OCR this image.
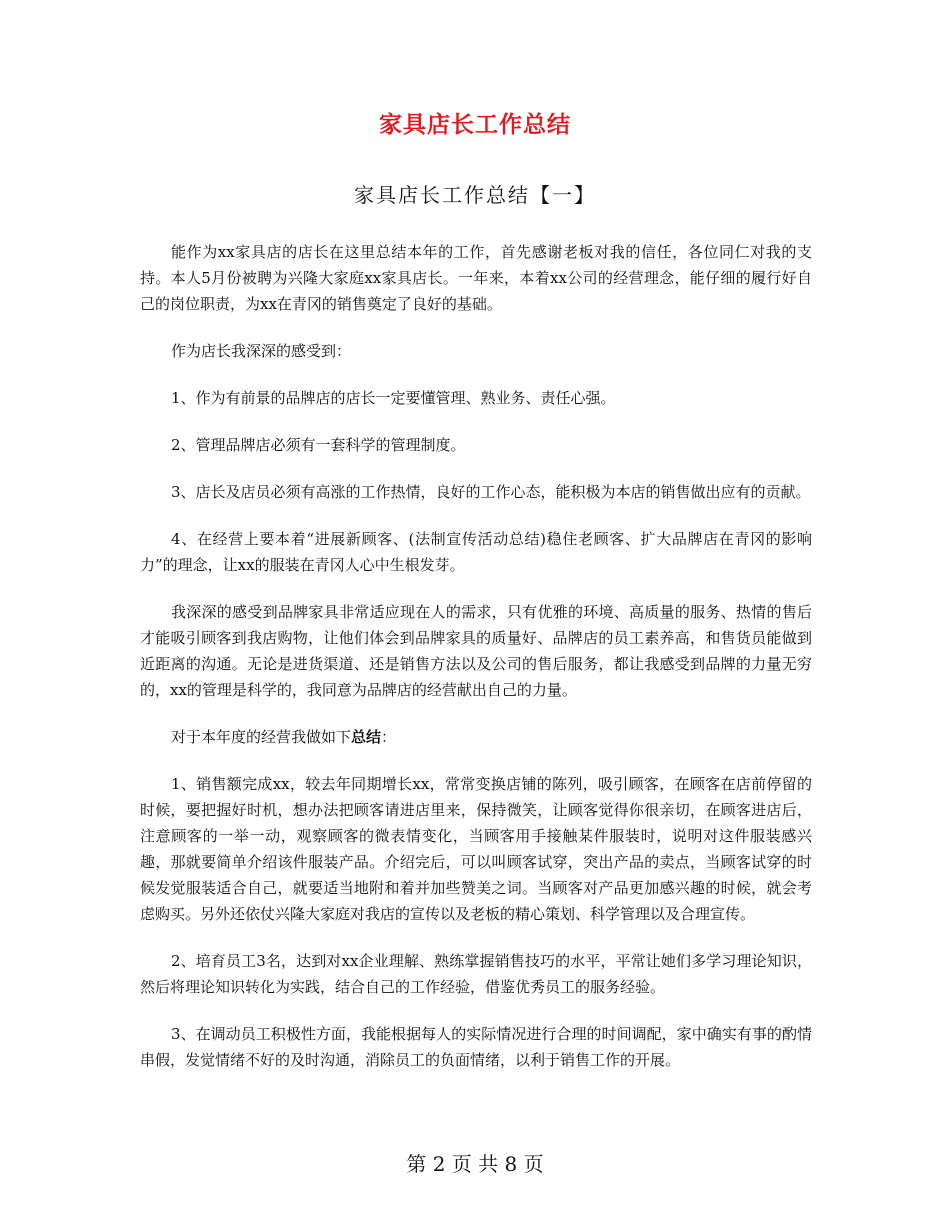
家具店长工作总结
家具店长工作总结【一】

能作为xx家具店的店长在这里总结本年的工作，首先感谢老板对我的信任，各位同仁对我的支持。本人5月份被聘为兴隆大家庭xx家具店长。一年来，本着xx公司的经营理念，能仔细的履行好自己的岗位职责，为xx在青冈的销售奠定了良好的基础。

作为店长我深深的感受到：

1、作为有前景的品牌店的店长一定要懂管理、熟业务、责任心强。

2、管理品牌店必须有一套科学的管理制度。

3、店长及店员必须有高涨的工作热情，良好的工作心态，能积极为本店的销售做出应有的贡献。

4、在经营上要本着“进展新顾客、(法制宣传活动总结)稳住老顾客、扩大品牌店在青冈的影响力”的理念，让xx的服装在青冈人心中生根发芽。

我深深的感受到品牌家具非常适应现在人的需求，只有优雅的环境、高质量的服务、热情的售后才能吸引顾客到我店购物，让他们体会到品牌家具的质量好、品牌店的员工素养高，和售货员能做到近距离的沟通。无论是进货渠道、还是销售方法以及公司的售后服务，都让我感受到品牌的力量无穷的，xx的管理是科学的，我同意为品牌店的经营献出自己的力量。

对于本年度的经营我做如下总结：

1、销售额完成xx，较去年同期增长xx，常常变换店铺的陈列，吸引顾客，在顾客在店前停留的时候，要把握好时机，想办法把顾客请进店里来，保持微笑，让顾客觉得你很亲切，在顾客进店后，注意顾客的一举一动，观察顾客的微表情变化，当顾客用手接触某件服装时，说明对这件服装感兴趣，那就要简单介绍该件服装产品。介绍完后，可以叫顾客试穿，突出产品的卖点，当顾客试穿的时候发觉服装适合自己，就要适当地附和着并加些赞美之词。当顾客对产品更加感兴趣的时候，就会考虑购买。另外还依仗兴隆大家庭对我店的宣传以及老板的精心策划、科学管理以及合理宣传。

2、培育员工3名，达到对xx企业理解、熟练掌握销售技巧的水平，平常让她们多学习理论知识，然后将理论知识转化为实践，结合自己的工作经验，借鉴优秀员工的服务经验。

3、在调动员工积极性方面，我能根据每人的实际情况进行合理的时间调配，家中确实有事的酌情串假，发觉情绪不好的及时沟通，消除员工的负面情绪，以利于销售工作的开展。

第 2 页 共 8 页
